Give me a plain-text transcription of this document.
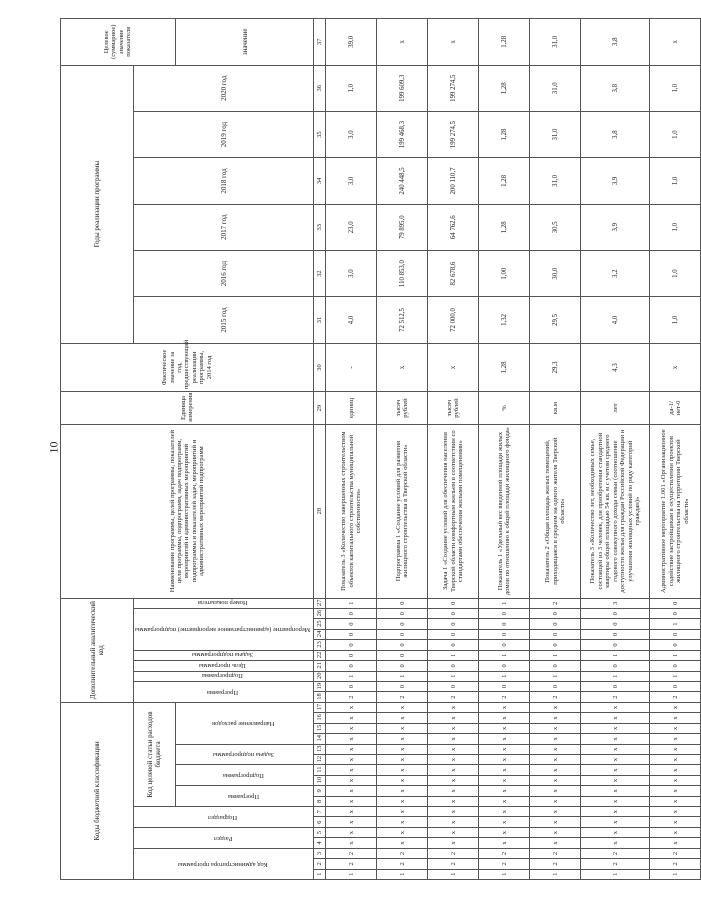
10
Коды бюджетной классификации																	Дополнительный аналитический код										Наименование программы, целей программы, показателей цели программы, подпрограмм, задач подпрограмм, мероприятий и административных мероприятий подпрограммы и показателей задач, мероприятий и административных мероприятий подпрограмм	Единица измерения	Фактическое значение за год, предшествующий реализации программы, 2014 год	Годы реализации программы						Целевое (суммарное) значение показателя
Код администратора программы			Раздел		Подраздел		Код целевой статьи расходов бюджета										Программа		Подпрограмма	Цель программы	Задача подпрограммы	Мероприятие (административное мероприятие) подпрограммы				Номер показателя				2015 год	2016 год	2017 год	2018 год	2019 год	2020 год	
							Программа		Подпрограмма		Задача подпрограммы		Направление расходов																							значение
1	2	3	4	5	6	7	8	9	10	11	12	13	14	15	16	17	18	19	20	21	22	23	24	25	26	27	28	29	30	31	32	33	34	35	36	37
1	2	2	х	х	х	х	х	х	х	х	х	х	х	х	х	х	2	0	1	0	0	0	0	0	0	1	Показатель 3 «Количество завершенных строительством объектов капитального строительства муниципальной собственности»	единиц	-	4,0	3,0	23,0	3,0	3,0	1,0	39,0
1	2	2	х	х	х	х	х	х	х	х	х	х	х	х	х	х	2	0	1	0	0	0	0	0	0	0	Подпрограмма 1 «Создание условий для развития жилищного строительства в Тверской области»	тысяч рублей	х	72 512,5	110 853,0	79 895,0	240 448,5	199 468,3	199 609,3	х
1	2	2	х	х	х	х	х	х	х	х	х	х	х	х	х	х	2	0	1	0	1	0	0	0	0	0	Задача 1 «Создание условий для обеспечения населения Тверской области комфортным жильем в соответствии со стандартами обеспечения жилыми помещениями»	тысяч рублей	х	72 000,0	82 678,6	64 762,6	200 110,7	199 274,5	199 274,5	х
1	2	2	х	х	х	х	х	х	х	х	х	х	х	х	х	х	2	0	1	0	1	0	0	0	0	1	Показатель 1 «Удельный вес введенной площади жилых домов по отношению к общей площади жилищного фонда»	%	1,28	1,32	1,00	1,28	1,28	1,28	1,28	1,28
1	2	2	х	х	х	х	х	х	х	х	х	х	х	х	х	х	2	0	1	0	1	0	0	0	0	2	Показатель 2 «Общая площадь жилых помещений, приходящаяся в среднем на одного жителя Тверской области»	кв.м	29,3	29,5	30,0	30,5	31,0	31,0	31,0	31,0
1	2	2	х	х	х	х	х	х	х	х	х	х	х	х	х	х	2	0	1	0	1	0	0	0	0	3	Показатель 3 «Количество лет, необходимых семье, состоящей из 3 человек, для приобретения стандартной квартиры общей площадью 54 кв. м с учетом среднего годового совокупного дохода семьи (соотношение доступности жилья для граждан Российской Федерации и улучшения жилищных условий по ряду категорий граждан)»	лет	4,3	4,0	3,2	3,9	3,9	3,8	3,8	3,8
1	2	2	х	х	х	х	х	х	х	х	х	х	х	х	х	х	2	0	1	0	1	0	0	1	0	0	Административное мероприятие 1.001 «Организационное содействие застройщикам в осуществлении проектов жилищного строительства на территории Тверской области»	да-1/ нет-0	х	1,0	1,0	1,0	1,0	1,0	1,0	х
